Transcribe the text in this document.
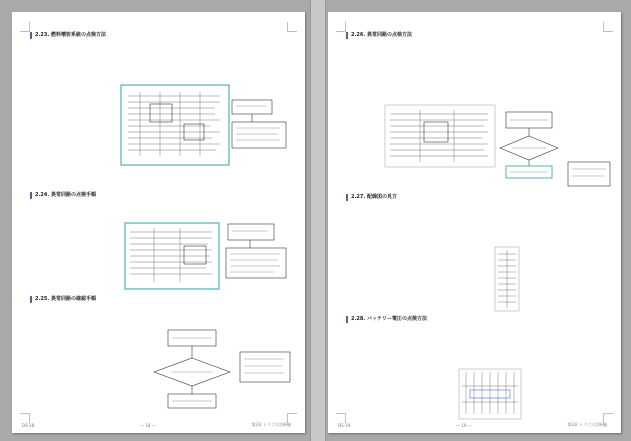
2.23. 燃料噴射系統の点検方法
2.24. 異常回路の点検手順
2.25. 異常回路の確認手順
DS-18	— 18 —	第2章 トラブル診断編
2.26. 異常回路の点検方法
2.27. 配線図の見方
2.28. バッテリー電圧の点検方法
DS-19	— 19 —	第2章 トラブル診断編
